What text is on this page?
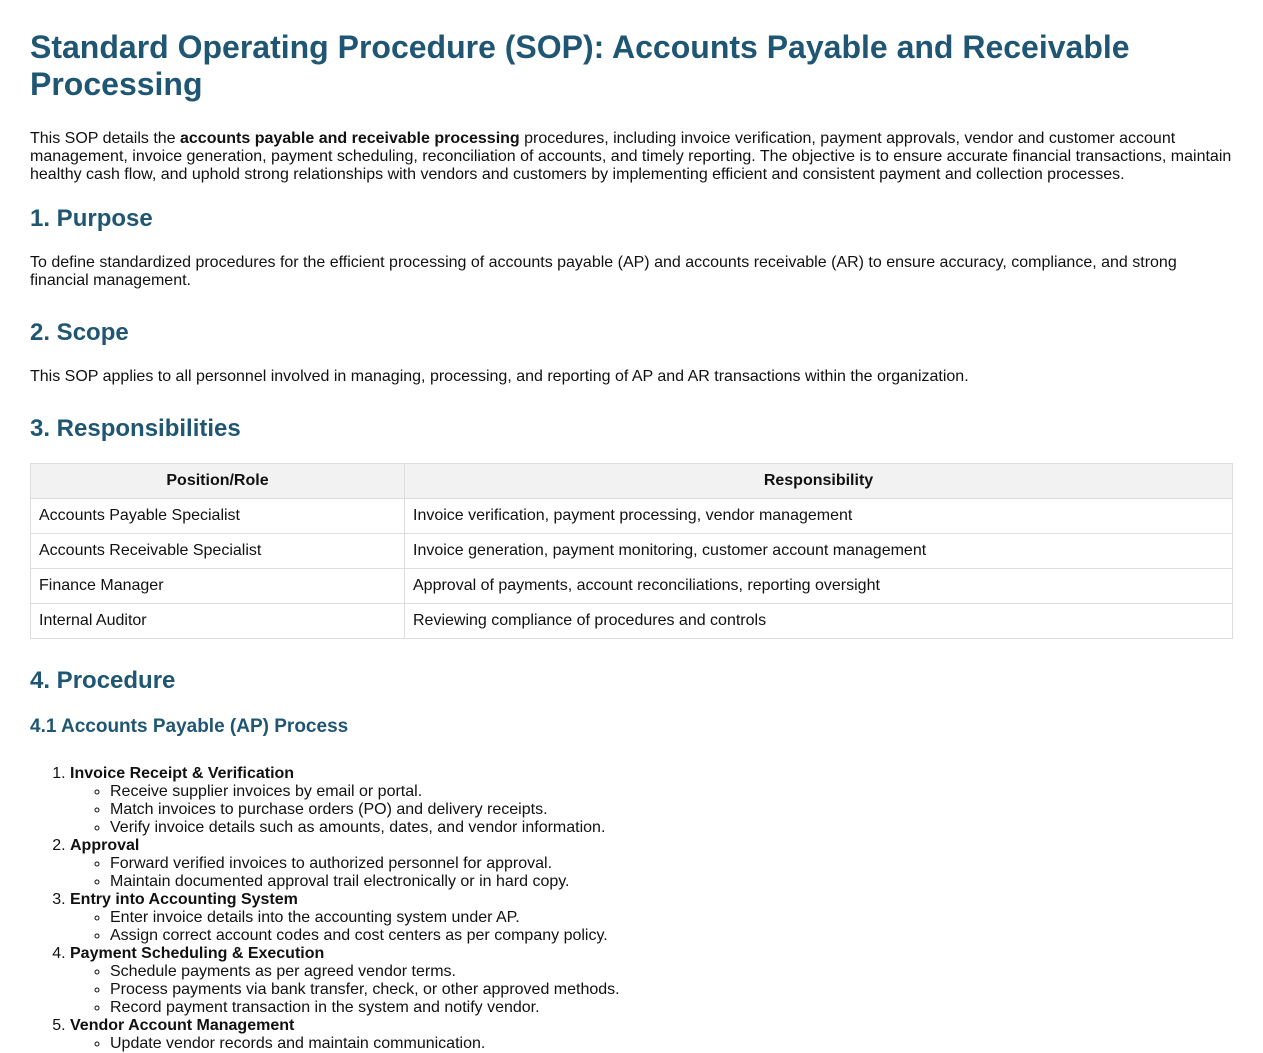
Standard Operating Procedure (SOP): Accounts Payable and Receivable Processing

This SOP details the accounts payable and receivable processing procedures, including invoice verification, payment approvals, vendor and customer account management, invoice generation, payment scheduling, reconciliation of accounts, and timely reporting. The objective is to ensure accurate financial transactions, maintain healthy cash flow, and uphold strong relationships with vendors and customers by implementing efficient and consistent payment and collection processes.

1. Purpose

To define standardized procedures for the efficient processing of accounts payable (AP) and accounts receivable (AR) to ensure accuracy, compliance, and strong financial management.

2. Scope

This SOP applies to all personnel involved in managing, processing, and reporting of AP and AR transactions within the organization.

3. Responsibilities
Position/Role	Responsibility
Accounts Payable Specialist	Invoice verification, payment processing, vendor management
Accounts Receivable Specialist	Invoice generation, payment monitoring, customer account management
Finance Manager	Approval of payments, account reconciliations, reporting oversight
Internal Auditor	Reviewing compliance of procedures and controls
4. Procedure
4.1 Accounts Payable (AP) Process
1. Invoice Receipt & Verification
◦ Receive supplier invoices by email or portal.
◦ Match invoices to purchase orders (PO) and delivery receipts.
◦ Verify invoice details such as amounts, dates, and vendor information.
2. Approval
◦ Forward verified invoices to authorized personnel for approval.
◦ Maintain documented approval trail electronically or in hard copy.
3. Entry into Accounting System
◦ Enter invoice details into the accounting system under AP.
◦ Assign correct account codes and cost centers as per company policy.
4. Payment Scheduling & Execution
◦ Schedule payments as per agreed vendor terms.
◦ Process payments via bank transfer, check, or other approved methods.
◦ Record payment transaction in the system and notify vendor.
5. Vendor Account Management
◦ Update vendor records and maintain communication.
